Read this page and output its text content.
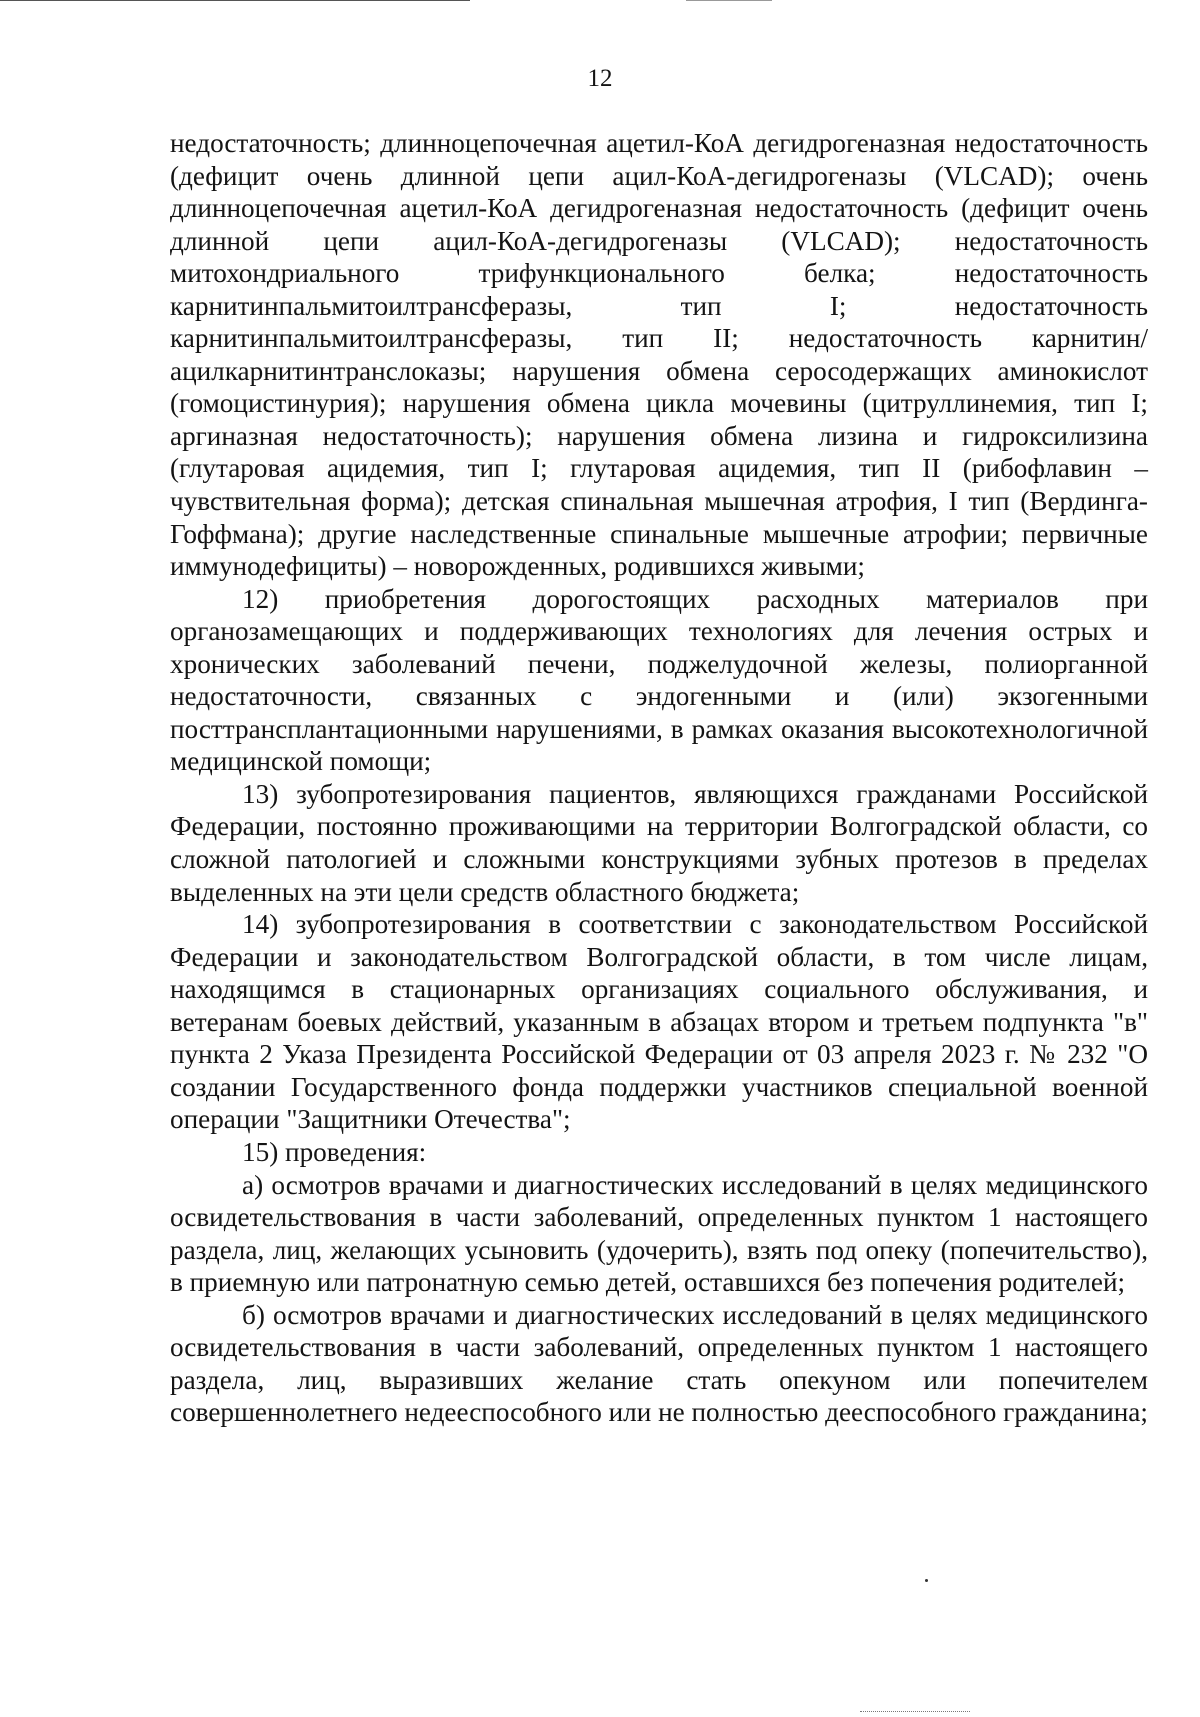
12

недостаточность; длинноцепочечная ацетил-КоА дегидрогеназная недостаточность (дефицит очень длинной цепи ацил-КоА-дегидрогеназы (VLCAD); очень длинноцепочечная ацетил-КоА дегидрогеназная недостаточность (дефицит очень длинной цепи ацил-КоА-дегидрогеназы (VLCAD); недостаточность митохондриального трифункционального белка; недостаточность карнитинпальмитоилтрансферазы, тип I; недостаточность карнитинпальмитоилтрансферазы, тип II; недостаточность карнитин/ацилкарнитинтранслоказы; нарушения обмена серосодержащих аминокислот (гомоцистинурия); нарушения обмена цикла мочевины (цитруллинемия, тип I; аргиназная недостаточность); нарушения обмена лизина и гидроксилизина (глутаровая ацидемия, тип I; глутаровая ацидемия, тип II (рибофлавин – чувствительная форма); детская спинальная мышечная атрофия, I тип (Вердинга-Гоффмана); другие наследственные спинальные мышечные атрофии; первичные иммунодефициты) – новорожденных, родившихся живыми;

12) приобретения дорогостоящих расходных материалов при органозамещающих и поддерживающих технологиях для лечения острых и хронических заболеваний печени, поджелудочной железы, полиорганной недостаточности, связанных с эндогенными и (или) экзогенными посттрансплантационными нарушениями, в рамках оказания высокотехнологичной медицинской помощи;

13) зубопротезирования пациентов, являющихся гражданами Российской Федерации, постоянно проживающими на территории Волгоградской области, со сложной патологией и сложными конструкциями зубных протезов в пределах выделенных на эти цели средств областного бюджета;

14) зубопротезирования в соответствии с законодательством Российской Федерации и законодательством Волгоградской области, в том числе лицам, находящимся в стационарных организациях социального обслуживания, и ветеранам боевых действий, указанным в абзацах втором и третьем подпункта "в" пункта 2 Указа Президента Российской Федерации от 03 апреля 2023 г. № 232 "О создании Государственного фонда поддержки участников специальной военной операции "Защитники Отечества";

15) проведения:

а) осмотров врачами и диагностических исследований в целях медицинского освидетельствования в части заболеваний, определенных пунктом 1 настоящего раздела, лиц, желающих усыновить (удочерить), взять под опеку (попечительство), в приемную или патронатную семью детей, оставшихся без попечения родителей;

б) осмотров врачами и диагностических исследований в целях медицинского освидетельствования в части заболеваний, определенных пунктом 1 настоящего раздела, лиц, выразивших желание стать опекуном или попечителем совершеннолетнего недееспособного или не полностью дееспособного гражданина;
